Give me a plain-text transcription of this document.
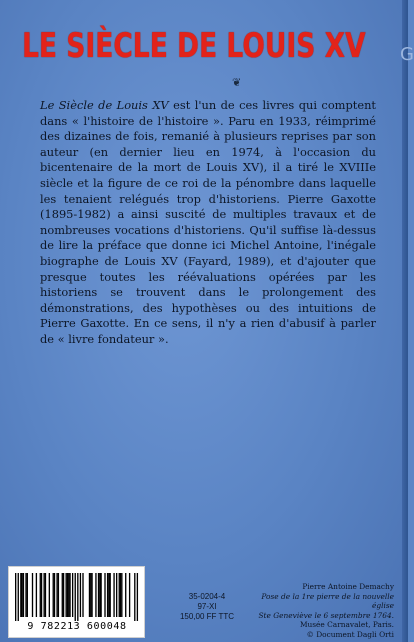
G
LE SIÈCLE DE LOUIS XV
❦

Le Siècle de Louis XV est l'un de ces livres qui comptent dans « l'histoire de l'histoire ». Paru en 1933, réimprimé des dizaines de fois, remanié à plusieurs reprises par son auteur (en dernier lieu en 1974, à l'occasion du bicentenaire de la mort de Louis XV), il a tiré le XVIIIe siècle et la figure de ce roi de la pénombre dans laquelle les tenaient relégués trop d'historiens. Pierre Gaxotte (1895-1982) a ainsi suscité de multiples travaux et de nombreuses vocations d'historiens. Qu'il suffise là-dessus de lire la préface que donne ici Michel Antoine, l'inégale biographe de Louis XV (Fayard, 1989), et d'ajouter que presque toutes les réévaluations opérées par les historiens se trouvent dans le prolongement des démonstrations, des hypothèses ou des intuitions de Pierre Gaxotte. En ce sens, il n'y a rien d'abusif à parler de « livre fondateur ».

9 782213 600048
35-0204-4
97-XI
150,00 FF TTC
Pierre Antoine Demachy
Pose de la 1re pierre de la nouvelle église
Ste Geneviève le 6 septembre 1764.
Musée Carnavalet, Paris.
© Document Dagli Orti
